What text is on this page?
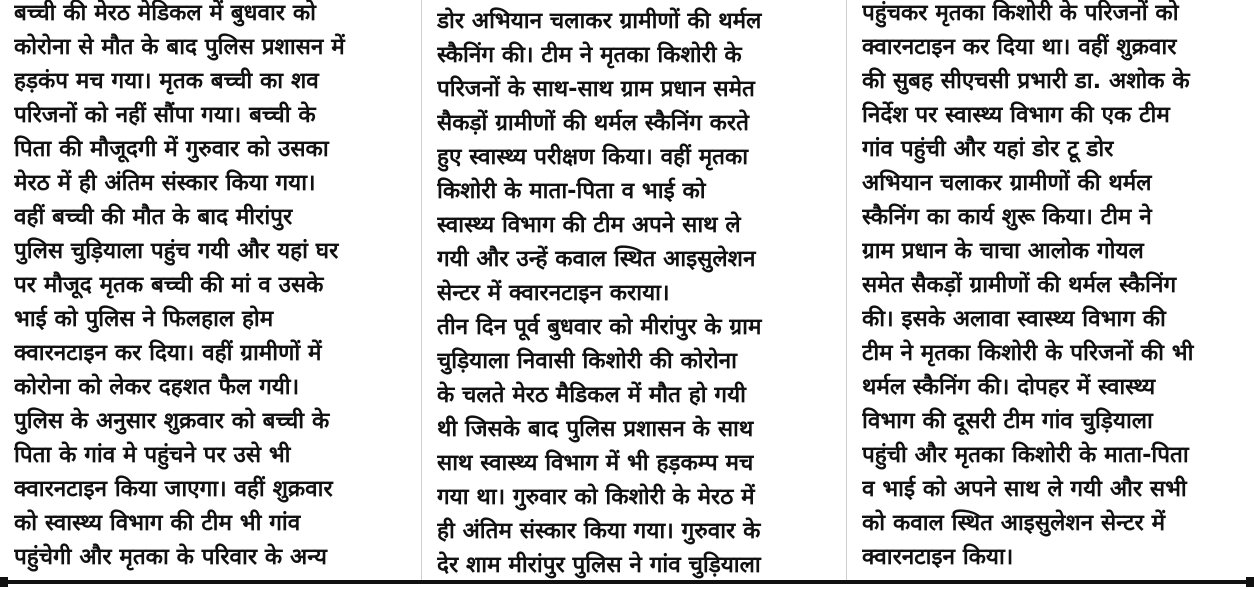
बच्ची की मेरठ मेडिकल में बुधवार को
कोरोना से मौत के बाद पुलिस प्रशासन में
हड़कंप मच गया। मृतक बच्ची का शव
परिजनों को नहीं सौंपा गया। बच्ची के
पिता की मौजूदगी में गुरुवार को उसका
मेरठ में ही अंतिम संस्कार किया गया।
वहीं बच्ची की मौत के बाद मीरांपुर
पुलिस चुड़ियाला पहुंच गयी और यहां घर
पर मौजूद मृतक बच्ची की मां व उसके
भाई को पुलिस ने फिलहाल होम
क्वारनटाइन कर दिया। वहीं ग्रामीणों में
कोरोना को लेकर दहशत फैल गयी।
पुलिस के अनुसार शुक्रवार को बच्ची के
पिता के गांव मे पहुंचने पर उसे भी
क्वारनटाइन किया जाएगा। वहीं शुक्रवार
को स्वास्थ्य विभाग की टीम भी गांव
पहुंचेगी और मृतका के परिवार के अन्य
डोर अभियान चलाकर ग्रामीणों की थर्मल
स्कैनिंग की। टीम ने मृतका किशोरी के
परिजनों के साथ-साथ ग्राम प्रधान समेत
सैकड़ों ग्रामीणों की थर्मल स्कैनिंग करते
हुए स्वास्थ्य परीक्षण किया। वहीं मृतका
किशोरी के माता-पिता व भाई को
स्वास्थ्य विभाग की टीम अपने साथ ले
गयी और उन्हें कवाल स्थित आइसुलेशन
सेन्टर में क्वारनटाइन कराया।
तीन दिन पूर्व बुधवार को मीरांपुर के ग्राम
चुड़ियाला निवासी किशोरी की कोरोना
के चलते मेरठ मैडिकल में मौत हो गयी
थी जिसके बाद पुलिस प्रशासन के साथ
साथ स्वास्थ्य विभाग में भी हड़कम्प मच
गया था। गुरुवार को किशोरी के मेरठ में
ही अंतिम संस्कार किया गया। गुरुवार के
देर शाम मीरांपुर पुलिस ने गांव चुड़ियाला
पहुंचकर मृतका किशोरी के परिजनों को
क्वारनटाइन कर दिया था। वहीं शुक्रवार
की सुबह सीएचसी प्रभारी डा. अशोक के
निर्देश पर स्वास्थ्य विभाग की एक टीम
गांव पहुंची और यहां डोर टू डोर
अभियान चलाकर ग्रामीणों की थर्मल
स्कैनिंग का कार्य शुरू किया। टीम ने
ग्राम प्रधान के चाचा आलोक गोयल
समेत सैकड़ों ग्रामीणों की थर्मल स्कैनिंग
की। इसके अलावा स्वास्थ्य विभाग की
टीम ने मृतका किशोरी के परिजनों की भी
थर्मल स्कैनिंग की। दोपहर में स्वास्थ्य
विभाग की दूसरी टीम गांव चुड़ियाला
पहुंची और मृतका किशोरी के माता-पिता
व भाई को अपने साथ ले गयी और सभी
को कवाल स्थित आइसुलेशन सेन्टर में
क्वारनटाइन किया।
